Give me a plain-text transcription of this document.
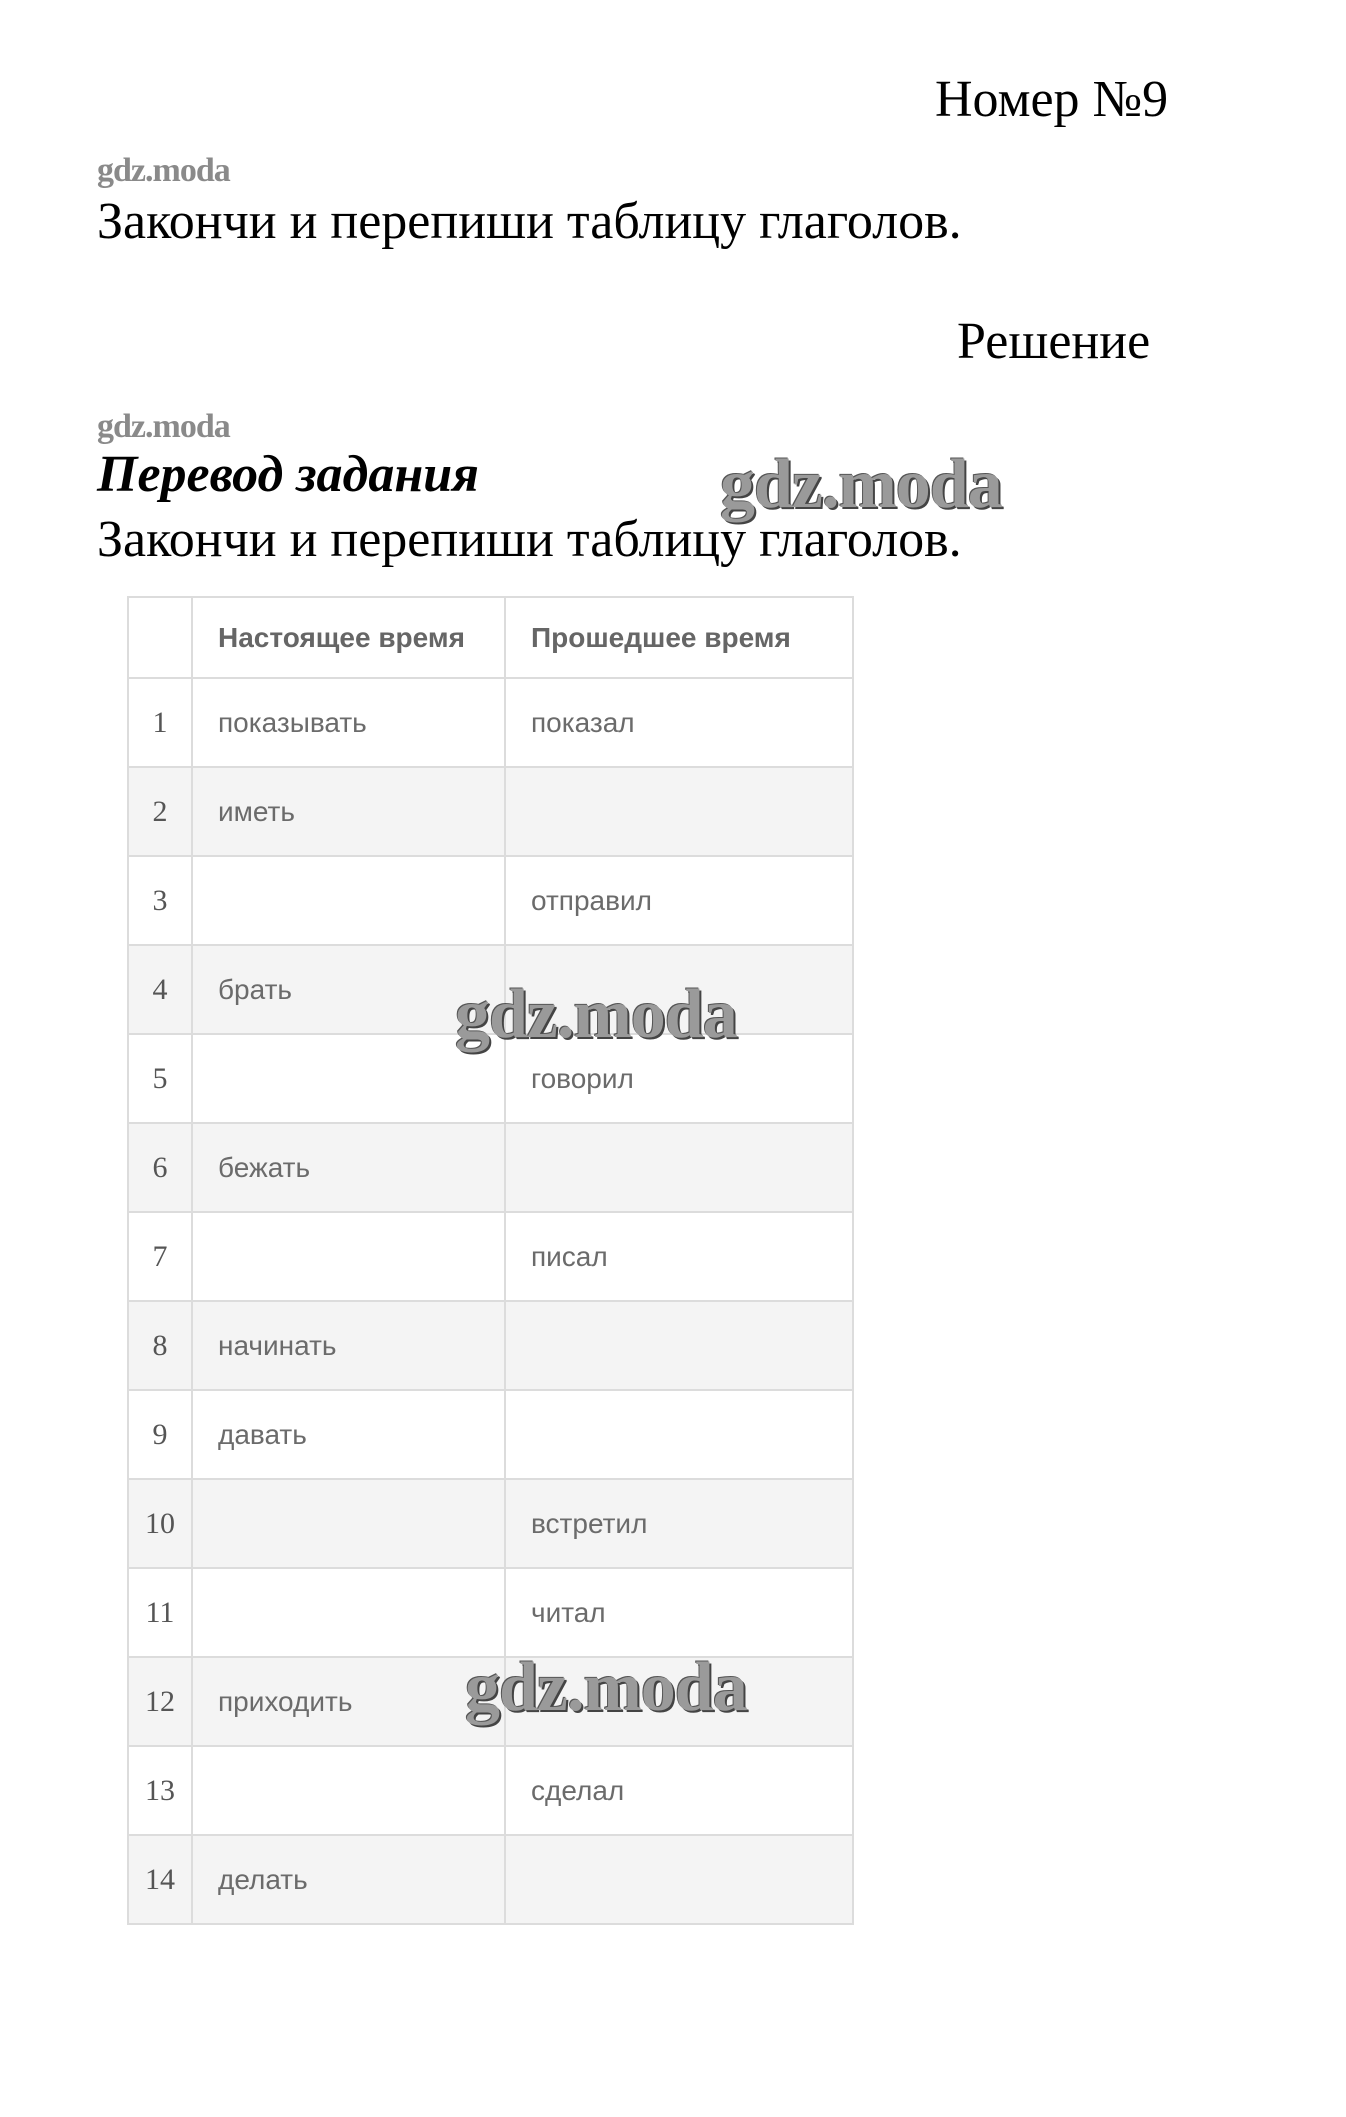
Номер №9
gdz.moda
Закончи и перепиши таблицу глаголов.
Решение
gdz.moda
Перевод задания
Закончи и перепиши таблицу глаголов.
	Настоящее время	Прошедшее время
1	показывать	показал
2	иметь	
3		отправил
4	брать	
5		говорил
6	бежать	
7		писал
8	начинать	
9	давать	
10		встретил
11		читал
12	приходить	
13		сделал
14	делать	
gdz.moda
gdz.moda
gdz.moda
